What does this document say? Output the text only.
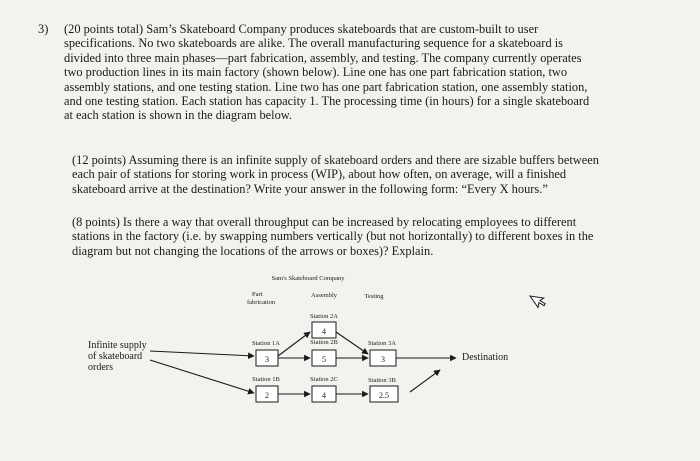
3) (20 points total) Sam’s Skateboard Company produces skateboards that are custom-built to user
specifications. No two skateboards are alike. The overall manufacturing sequence for a skateboard is
divided into three main phases—part fabrication, assembly, and testing. The company currently operates
two production lines in its main factory (shown below). Line one has one part fabrication station, two
assembly stations, and one testing station. Line two has one part fabrication station, one assembly station,
and one testing station. Each station has capacity 1. The processing time (in hours) for a single skateboard
at each station is shown in the diagram below.

(12 points) Assuming there is an infinite supply of skateboard orders and there are sizable buffers between
each pair of stations for storing work in process (WIP), about how often, on average, will a finished
skateboard arrive at the destination? Write your answer in the following form: “Every X hours.”

(8 points) Is there a way that overall throughput can be increased by relocating employees to different
stations in the factory (i.e. by swapping numbers vertically (but not horizontally) to different boxes in the
diagram but not changing the locations of the arrows or boxes)? Explain.

Sam's Skateboard Company
Part fabrication
Assembly	Testing
Infinite supply of skateboard orders
Destination
Station 1A
Station 2A
Station 2B	Station 3A
Station 1B	Station 2C	Station 3B
3
4
5	3
2	4	2.5
